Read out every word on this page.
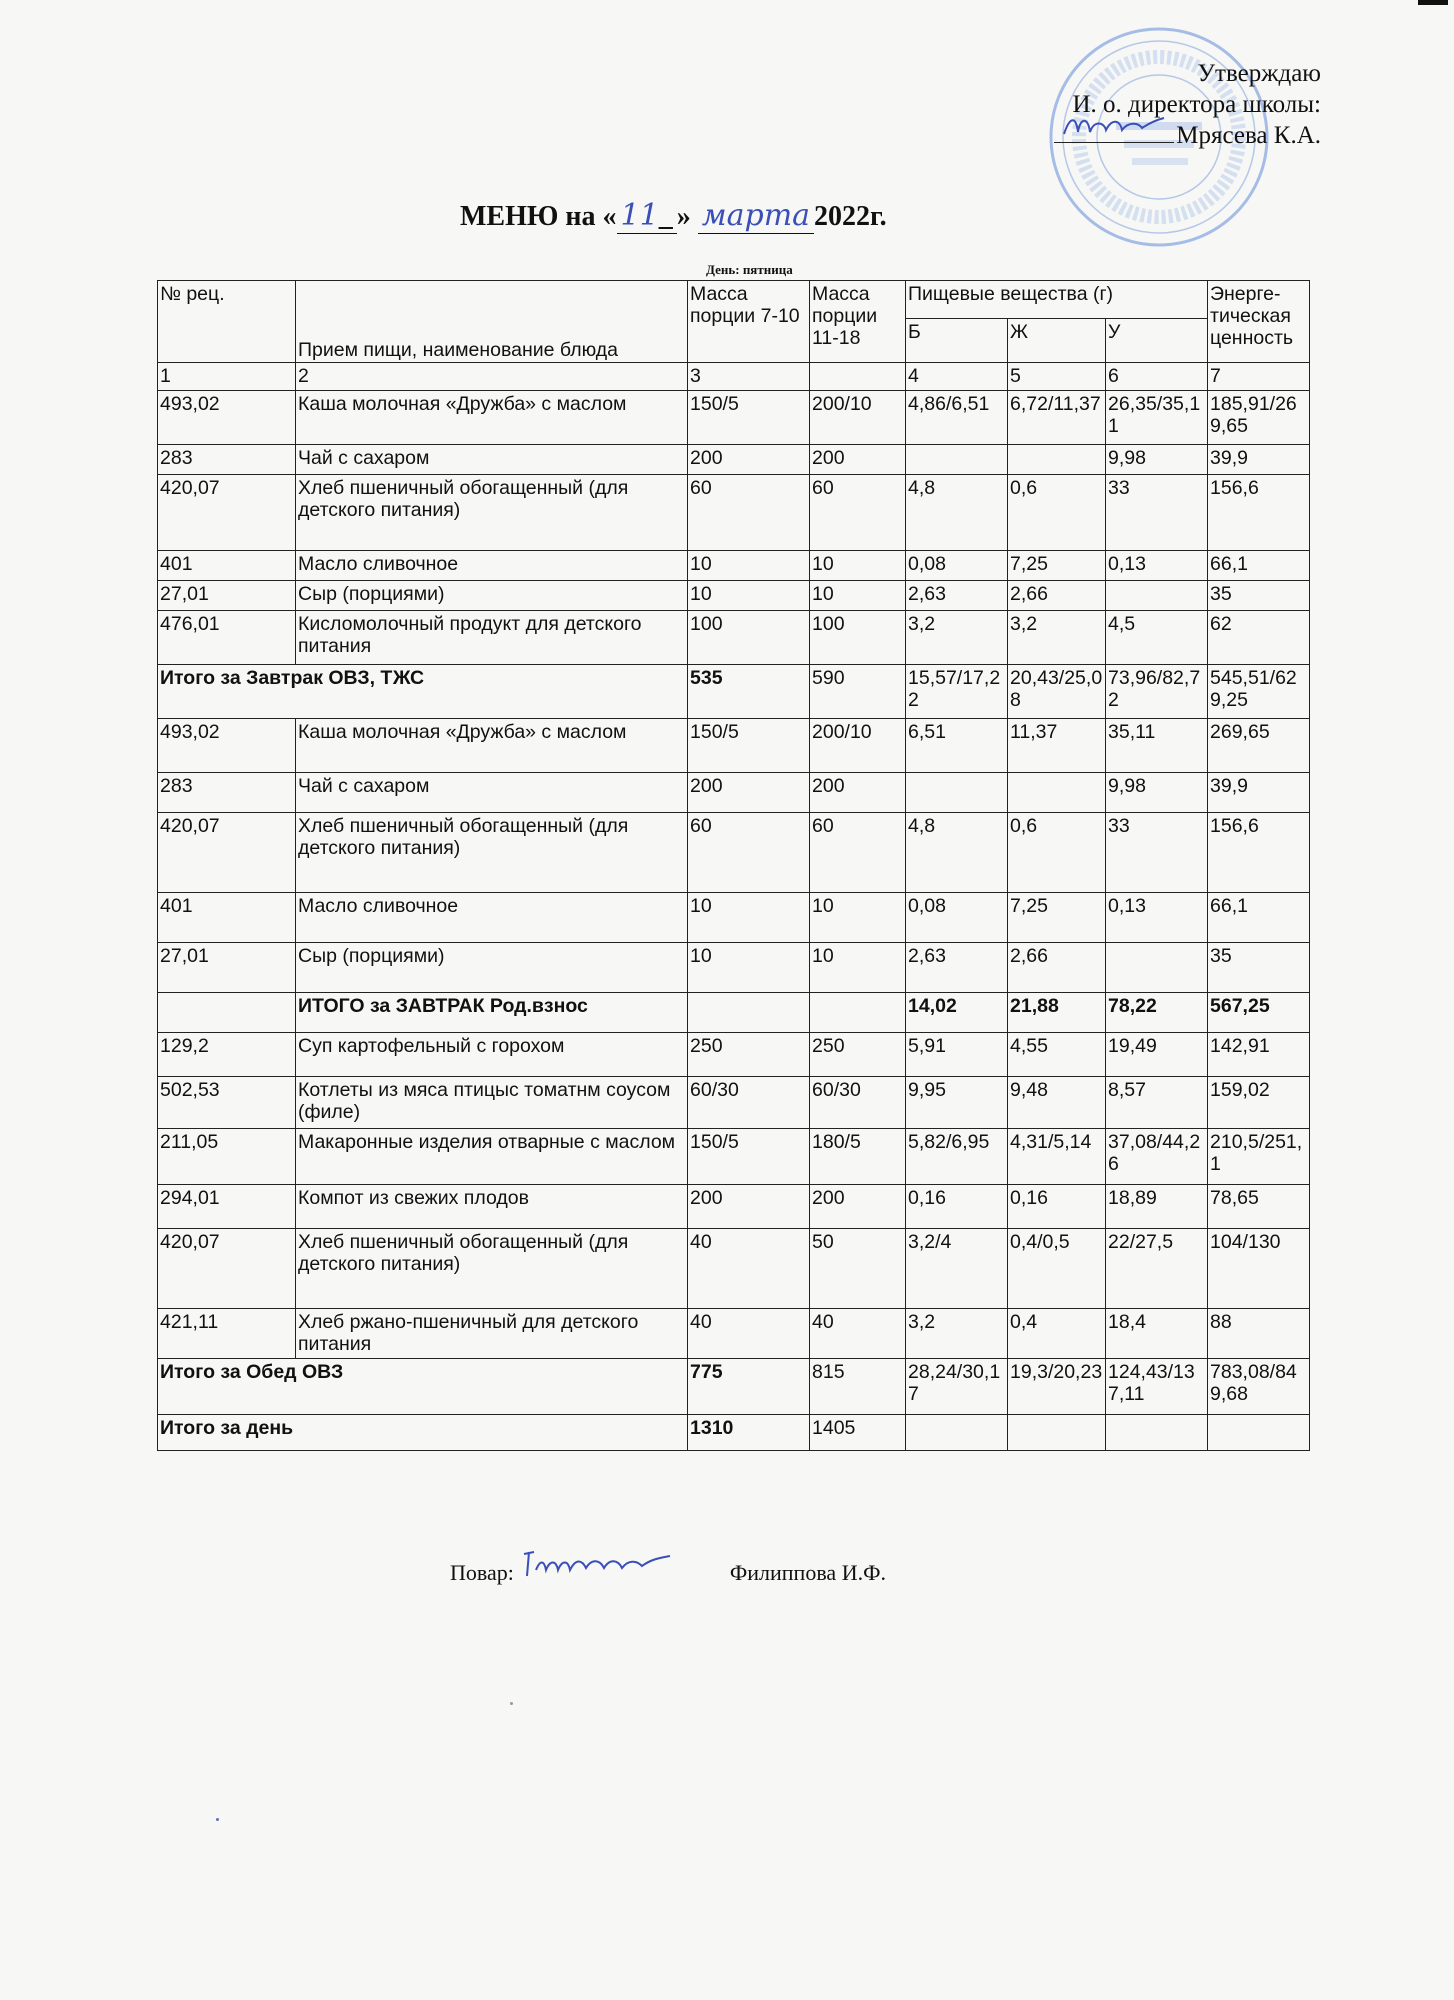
Утверждаю
И. о. директора школы:
Мрясева К.А.
МЕНЮ на « 11_ » марта 2022г.
День: пятница
№ рец.	Прием пищи, наименование блюда	Масса порции 7-10	Масса порции 11-18	Пищевые вещества (г)			Энерге-тическая ценность
				Б	Ж	У	
1	2	3		4	5	6	7
493,02	Каша молочная «Дружба» с маслом	150/5	200/10	4,86/6,51	6,72/11,37	26,35/35,11	185,91/269,65
283	Чай с сахаром	200	200			9,98	39,9
420,07	Хлеб пшеничный обогащенный (для детского питания)	60	60	4,8	0,6	33	156,6
401	Масло сливочное	10	10	0,08	7,25	0,13	66,1
27,01	Сыр (порциями)	10	10	2,63	2,66		35
476,01	Кисломолочный продукт для детского питания	100	100	3,2	3,2	4,5	62
Итого за Завтрак ОВЗ, ТЖС		535	590	15,57/17,22	20,43/25,08	73,96/82,72	545,51/629,25
493,02	Каша молочная «Дружба» с маслом	150/5	200/10	6,51	11,37	35,11	269,65
283	Чай с сахаром	200	200			9,98	39,9
420,07	Хлеб пшеничный обогащенный (для детского питания)	60	60	4,8	0,6	33	156,6
401	Масло сливочное	10	10	0,08	7,25	0,13	66,1
27,01	Сыр (порциями)	10	10	2,63	2,66		35
	ИТОГО за ЗАВТРАК Род.взнос			14,02	21,88	78,22	567,25
129,2	Суп картофельный с горохом	250	250	5,91	4,55	19,49	142,91
502,53	Котлеты из мяса птицыс томатнм соусом (филе)	60/30	60/30	9,95	9,48	8,57	159,02
211,05	Макаронные изделия отварные с маслом	150/5	180/5	5,82/6,95	4,31/5,14	37,08/44,26	210,5/251,1
294,01	Компот из свежих плодов	200	200	0,16	0,16	18,89	78,65
420,07	Хлеб пшеничный обогащенный (для детского питания)	40	50	3,2/4	0,4/0,5	22/27,5	104/130
421,11	Хлеб ржано-пшеничный для детского питания	40	40	3,2	0,4	18,4	88
Итого за Обед ОВЗ		775	815	28,24/30,17	19,3/20,23	124,43/137,11	783,08/849,68
Итого за день		1310	1405				
Повар:	Филиппова И.Ф.
